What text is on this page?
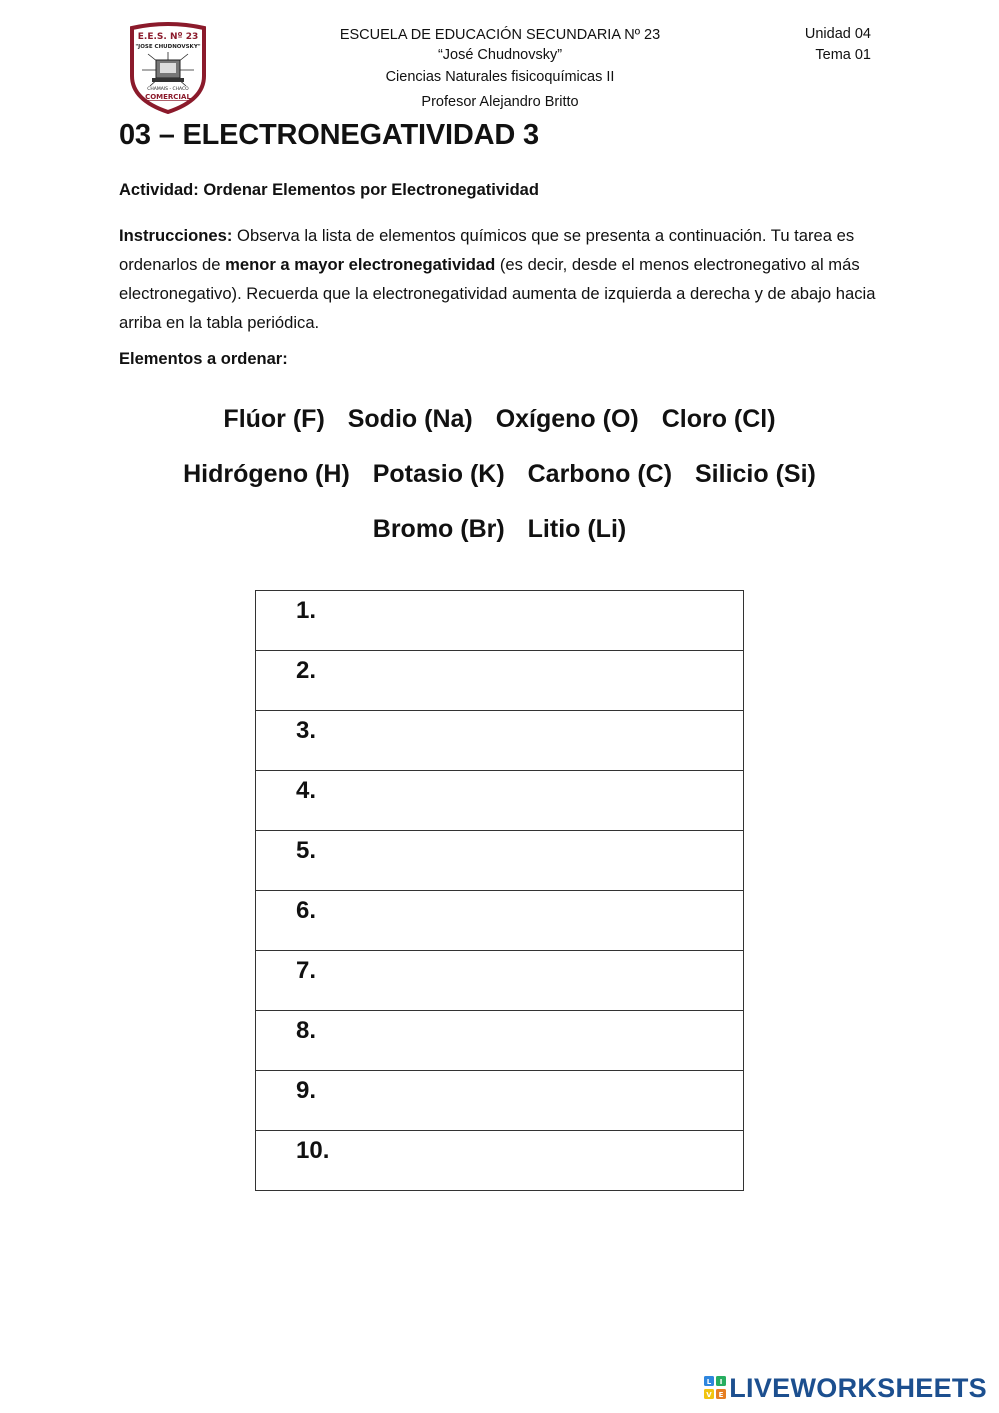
E.E.S. Nº 23
"JOSE CHUDNOVSKY"
CHAMAIS - CHACO
COMERCIAL
ESCUELA DE EDUCACIÓN SECUNDARIA Nº 23
“José Chudnovsky”
Ciencias Naturales fisicoquímicas II
Profesor Alejandro Britto
Unidad 04
Tema 01
03 – ELECTRONEGATIVIDAD 3
Actividad: Ordenar Elementos por Electronegatividad
Instrucciones: Observa la lista de elementos químicos que se presenta a continuación. Tu tarea es ordenarlos de menor a mayor electronegatividad (es decir, desde el menos electronegativo al más electronegativo). Recuerda que la electronegatividad aumenta de izquierda a derecha y de abajo hacia arriba en la tabla periódica.
Elementos a ordenar:
Flúor (F) Sodio (Na) Oxígeno (O) Cloro (Cl)
Hidrógeno (H) Potasio (K) Carbono (C) Silicio (Si)
Bromo (Br) Litio (Li)
1.
2.
3.
4.
5.
6.
7.
8.
9.
10.
L I
V E LIVEWORKSHEETS
